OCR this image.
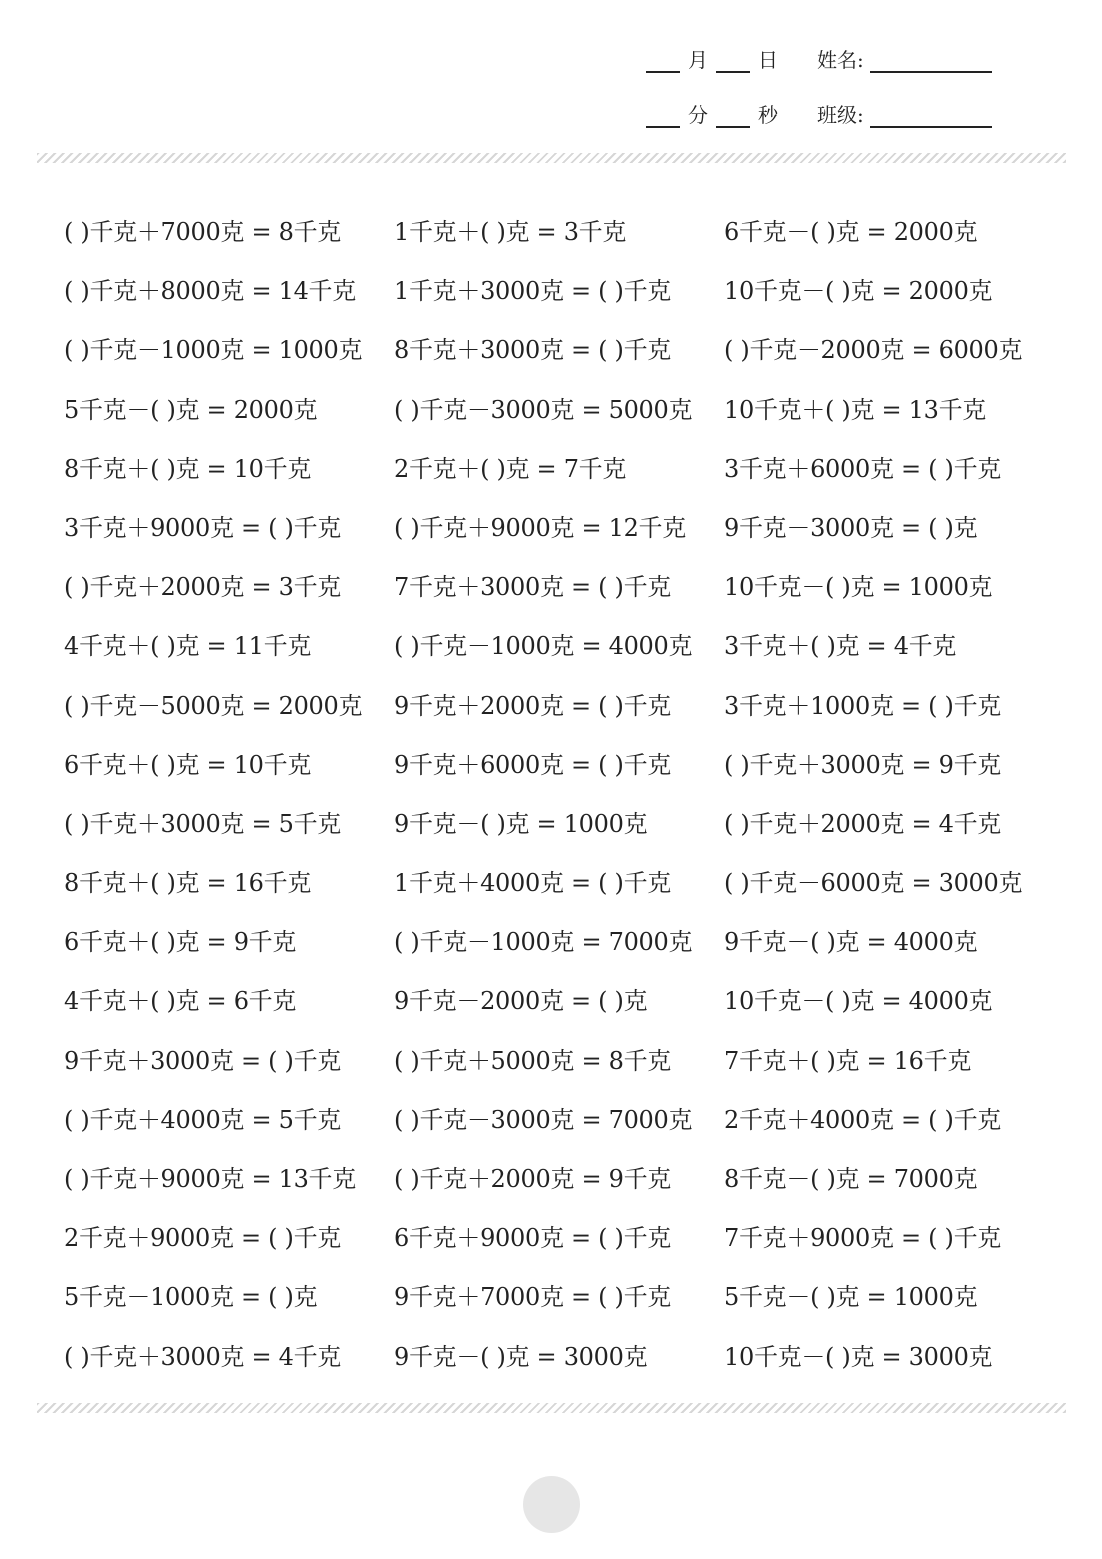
月	日 姓名:
分	秒 班级:
( )千克＋7000克 = 8千克 1千克＋( )克 = 3千克	6千克－( )克 = 2000克
( )千克＋8000克 = 14千克 1千克＋3000克 = ( )千克 10千克－( )克 = 2000克
( )千克－1000克 = 1000克 8千克＋3000克 = ( )千克 ( )千克－2000克 = 6000克
5千克－( )克 = 2000克	( )千克－3000克 = 5000克 10千克＋( )克 = 13千克
8千克＋( )克 = 10千克	2千克＋( )克 = 7千克	3千克＋6000克 = ( )千克
3千克＋9000克 = ( )千克 ( )千克＋9000克 = 12千克 9千克－3000克 = ( )克
( )千克＋2000克 = 3千克 7千克＋3000克 = ( )千克 10千克－( )克 = 1000克
4千克＋( )克 = 11千克	( )千克－1000克 = 4000克 3千克＋( )克 = 4千克
( )千克－5000克 = 2000克 9千克＋2000克 = ( )千克 3千克＋1000克 = ( )千克
6千克＋( )克 = 10千克	9千克＋6000克 = ( )千克 ( )千克＋3000克 = 9千克
( )千克＋3000克 = 5千克 9千克－( )克 = 1000克	( )千克＋2000克 = 4千克
8千克＋( )克 = 16千克	1千克＋4000克 = ( )千克 ( )千克－6000克 = 3000克
6千克＋( )克 = 9千克	( )千克－1000克 = 7000克 9千克－( )克 = 4000克
4千克＋( )克 = 6千克	9千克－2000克 = ( )克	10千克－( )克 = 4000克
9千克＋3000克 = ( )千克 ( )千克＋5000克 = 8千克 7千克＋( )克 = 16千克
( )千克＋4000克 = 5千克 ( )千克－3000克 = 7000克 2千克＋4000克 = ( )千克
( )千克＋9000克 = 13千克 ( )千克＋2000克 = 9千克 8千克－( )克 = 7000克
2千克＋9000克 = ( )千克 6千克＋9000克 = ( )千克 7千克＋9000克 = ( )千克
5千克－1000克 = ( )克	9千克＋7000克 = ( )千克 5千克－( )克 = 1000克
( )千克＋3000克 = 4千克 9千克－( )克 = 3000克	10千克－( )克 = 3000克
